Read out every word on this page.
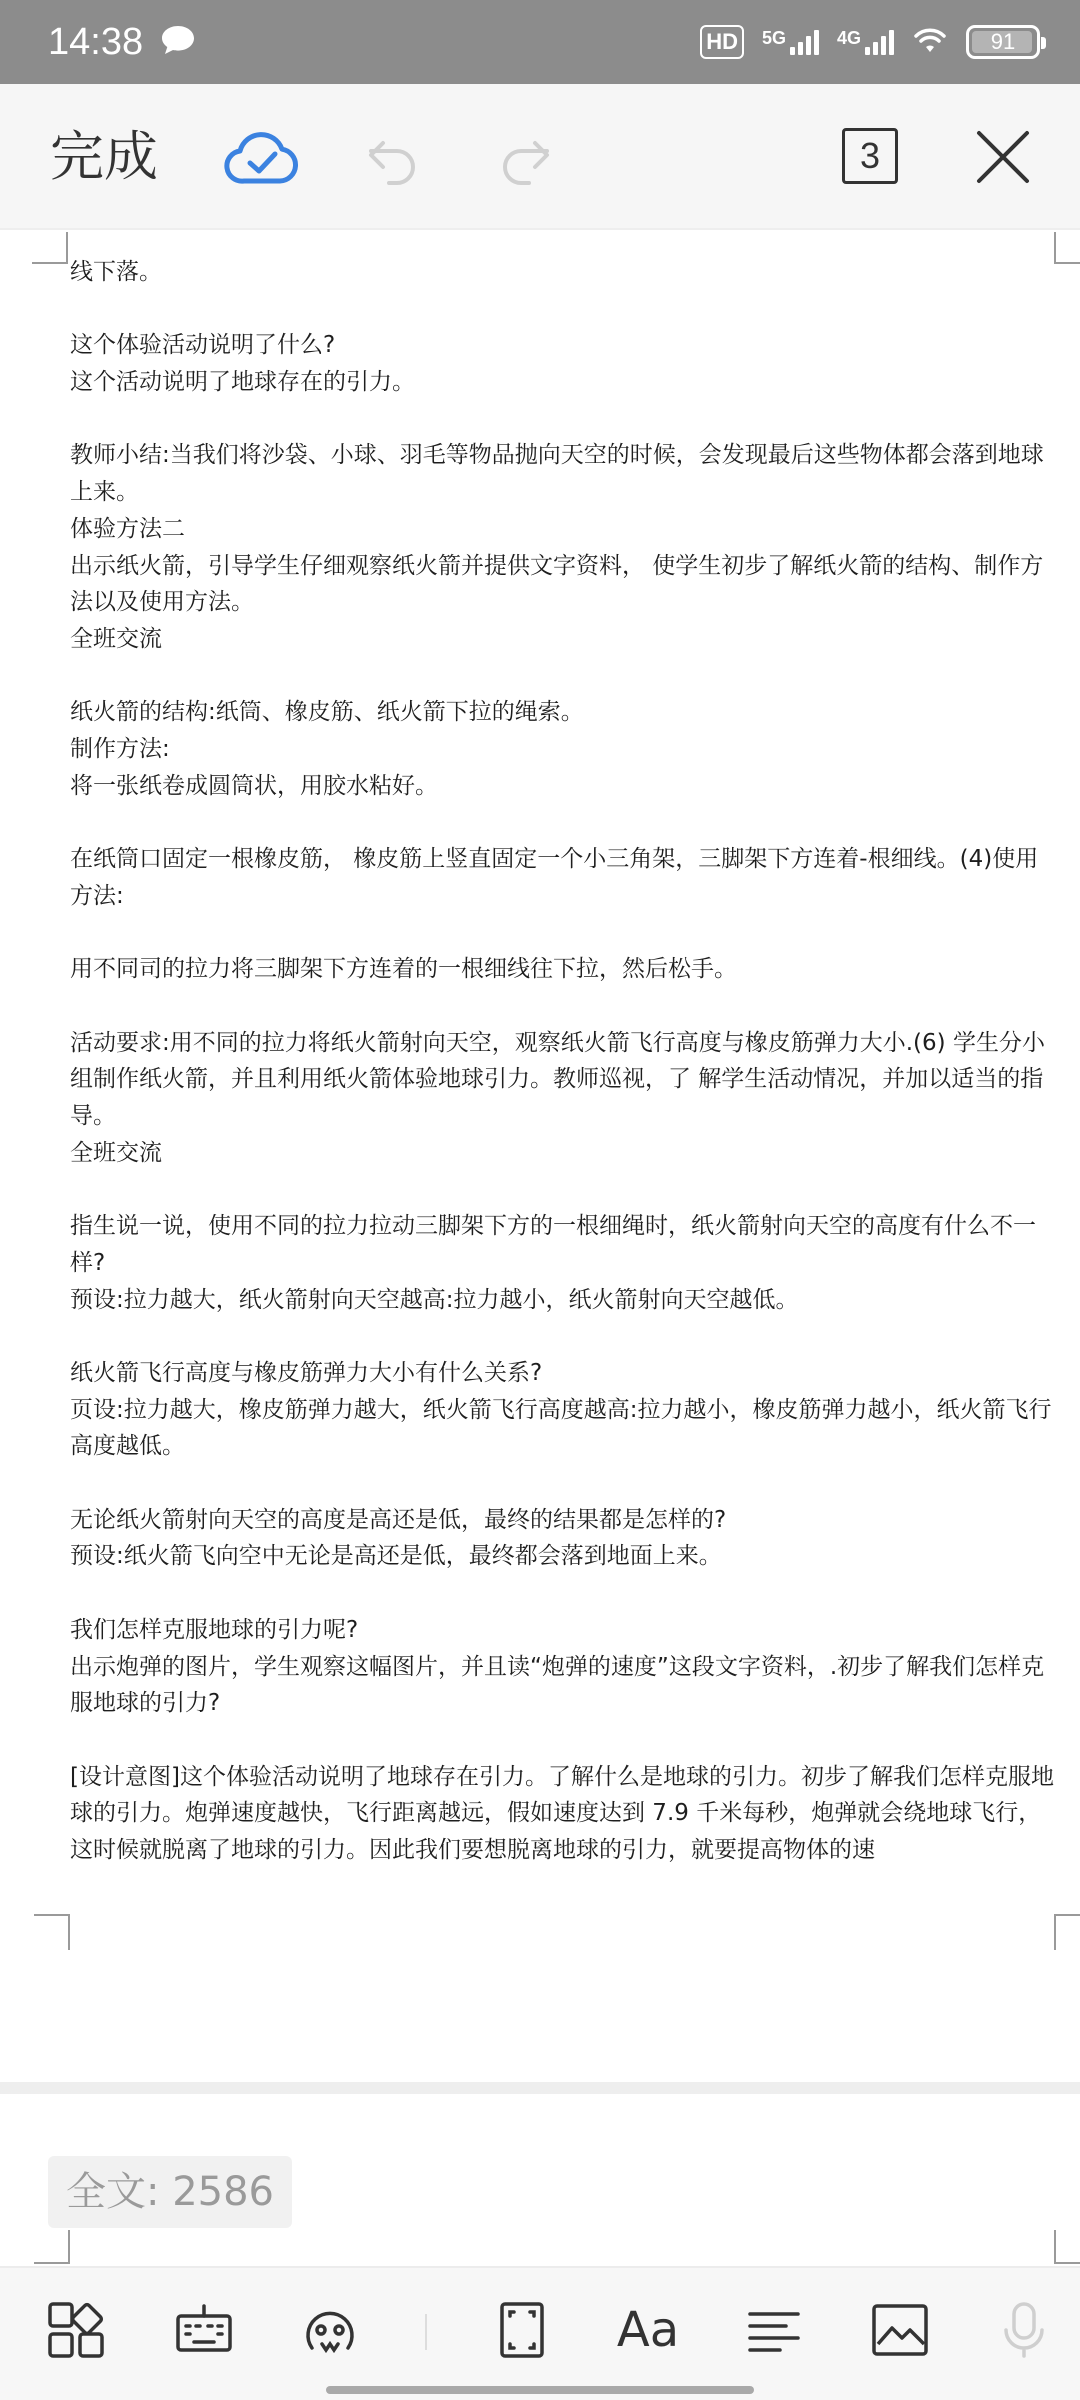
14:38	HD	5G	4G	91
完成	3

线下落。

这个体验活动说明了什么?

这个活动说明了地球存在的引力。

教师小结:当我们将沙袋、小球、羽毛等物品抛向天空的时候，会发现最后这些物体都会落到地球上来。

体验方法二

出示纸火箭，引导学生仔细观察纸火箭并提供文字资料， 使学生初步了解纸火箭的结构、制作方法以及使用方法。

全班交流

纸火箭的结构:纸筒、橡皮筋、纸火箭下拉的绳索。

制作方法:

将一张纸卷成圆筒状，用胶水粘好。

在纸筒口固定一根橡皮筋， 橡皮筋上竖直固定一个小三角架，三脚架下方连着-根细线。(4)使用方法:

用不同司的拉力将三脚架下方连着的一根细线往下拉，然后松手。

活动要求:用不同的拉力将纸火箭射向天空，观察纸火箭飞行高度与橡皮筋弹力大小.(6) 学生分小组制作纸火箭，并且利用纸火箭体验地球引力。教师巡视，了 解学生活动情况，并加以适当的指导。

全班交流

指生说一说，使用不同的拉力拉动三脚架下方的一根细绳时，纸火箭射向天空的高度有什么不一样?

预设:拉力越大，纸火箭射向天空越高:拉力越小，纸火箭射向天空越低。

纸火箭飞行高度与橡皮筋弹力大小有什么关系?

页设:拉力越大，橡皮筋弹力越大，纸火箭飞行高度越高:拉力越小，橡皮筋弹力越小，纸火箭飞行高度越低。

无论纸火箭射向天空的高度是高还是低，最终的结果都是怎样的?

预设:纸火箭飞向空中无论是高还是低，最终都会落到地面上来。

我们怎样克服地球的引力呢?

出示炮弹的图片，学生观察这幅图片，并且读“炮弹的速度”这段文字资料，.初步了解我们怎样克服地球的引力?

[设计意图]这个体验活动说明了地球存在引力。了解什么是地球的引力。初步了解我们怎样克服地球的引力。炮弹速度越快，飞行距离越远，假如速度达到 7.9 千米每秒，炮弹就会绕地球飞行，这时候就脱离了地球的引力。因此我们要想脱离地球的引力，就要提高物体的速

全文: 2586
Aa
